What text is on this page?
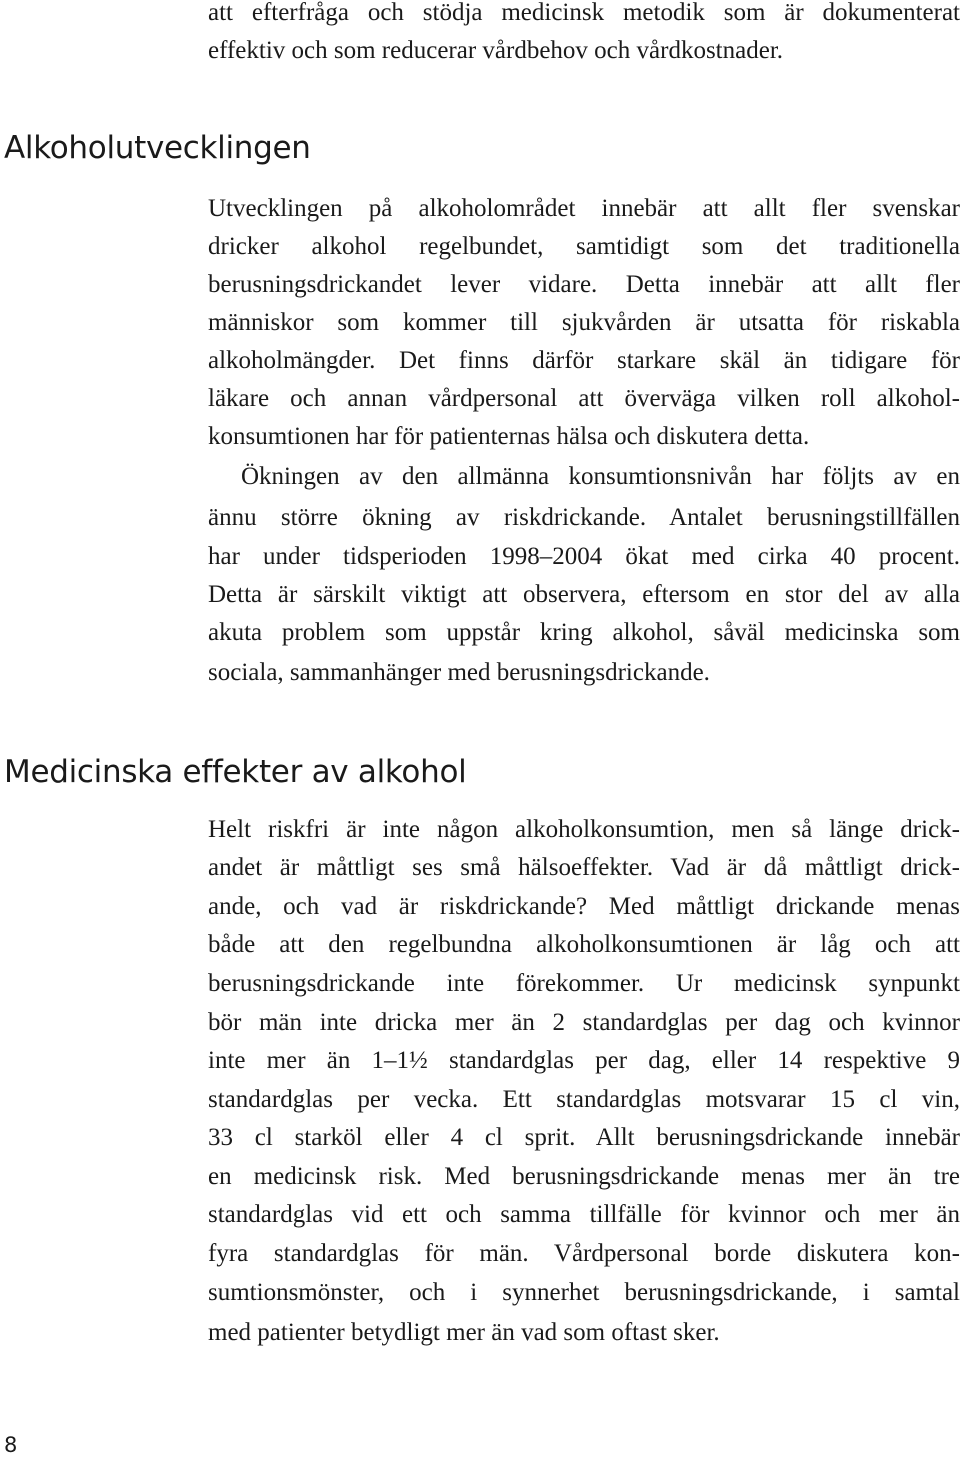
att efterfråga och stödja medicinsk metodik som är dokumenterat
effektiv och som reducerar vårdbehov och vårdkostnader.
Alkoholutvecklingen
Utvecklingen på alkoholområdet innebär att allt fler svenskar
dricker alkohol regelbundet, samtidigt som det traditionella
berusningsdrickandet lever vidare. Detta innebär att allt fler
människor som kommer till sjukvården är utsatta för riskabla
alkoholmängder. Det finns därför starkare skäl än tidigare för
läkare och annan vårdpersonal att överväga vilken roll alkohol-
konsumtionen har för patienternas hälsa och diskutera detta.
Ökningen av den allmänna konsumtionsnivån har följts av en
ännu större ökning av riskdrickande. Antalet berusningstillfällen
har under tidsperioden 1998–2004 ökat med cirka 40 procent.
Detta är särskilt viktigt att observera, eftersom en stor del av alla
akuta problem som uppstår kring alkohol, såväl medicinska som
sociala, sammanhänger med berusningsdrickande.
Medicinska effekter av alkohol
Helt riskfri är inte någon alkoholkonsumtion, men så länge drick-
andet är måttligt ses små hälsoeffekter. Vad är då måttligt drick-
ande, och vad är riskdrickande? Med måttligt drickande menas
både att den regelbundna alkoholkonsumtionen är låg och att
berusningsdrickande inte förekommer. Ur medicinsk synpunkt
bör män inte dricka mer än 2 standardglas per dag och kvinnor
inte mer än 1–1½ standardglas per dag, eller 14 respektive 9
standardglas per vecka. Ett standardglas motsvarar 15 cl vin,
33 cl starköl eller 4 cl sprit. Allt berusningsdrickande innebär
en medicinsk risk. Med berusningsdrickande menas mer än tre
standardglas vid ett och samma tillfälle för kvinnor och mer än
fyra standardglas för män. Vårdpersonal borde diskutera kon-
sumtionsmönster, och i synnerhet berusningsdrickande, i samtal
med patienter betydligt mer än vad som oftast sker.
8
